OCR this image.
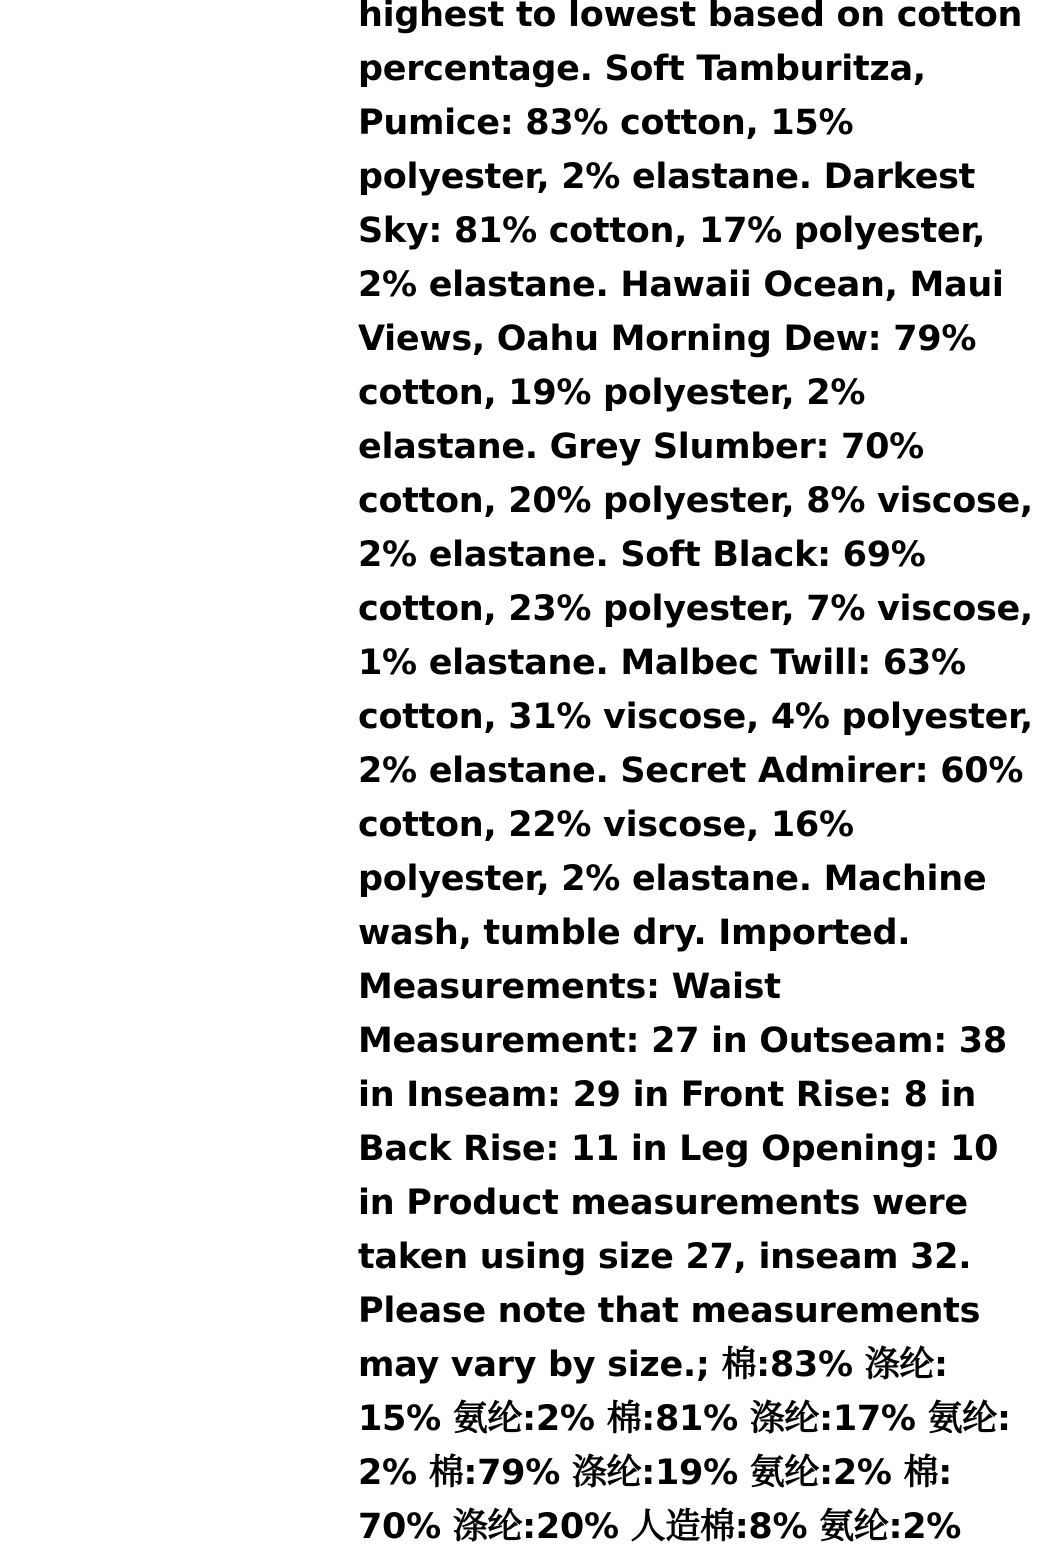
highest to lowest based on cotton
percentage. Soft Tamburitza,
Pumice: 83% cotton, 15%
polyester, 2% elastane. Darkest
Sky: 81% cotton, 17% polyester,
2% elastane. Hawaii Ocean, Maui
Views, Oahu Morning Dew: 79%
cotton, 19% polyester, 2%
elastane. Grey Slumber: 70%
cotton, 20% polyester, 8% viscose,
2% elastane. Soft Black: 69%
cotton, 23% polyester, 7% viscose,
1% elastane. Malbec Twill: 63%
cotton, 31% viscose, 4% polyester,
2% elastane. Secret Admirer: 60%
cotton, 22% viscose, 16%
polyester, 2% elastane. Machine
wash, tumble dry. Imported.
Measurements: Waist
Measurement: 27 in Outseam: 38
in Inseam: 29 in Front Rise: 8 in
Back Rise: 11 in Leg Opening: 10
in Product measurements were
taken using size 27, inseam 32.
Please note that measurements
may vary by size.; 棉:83% 涤纶:
15% 氨纶:2% 棉:81% 涤纶:17% 氨纶:
2% 棉:79% 涤纶:19% 氨纶:2% 棉:
70% 涤纶:20% 人造棉:8% 氨纶:2%
